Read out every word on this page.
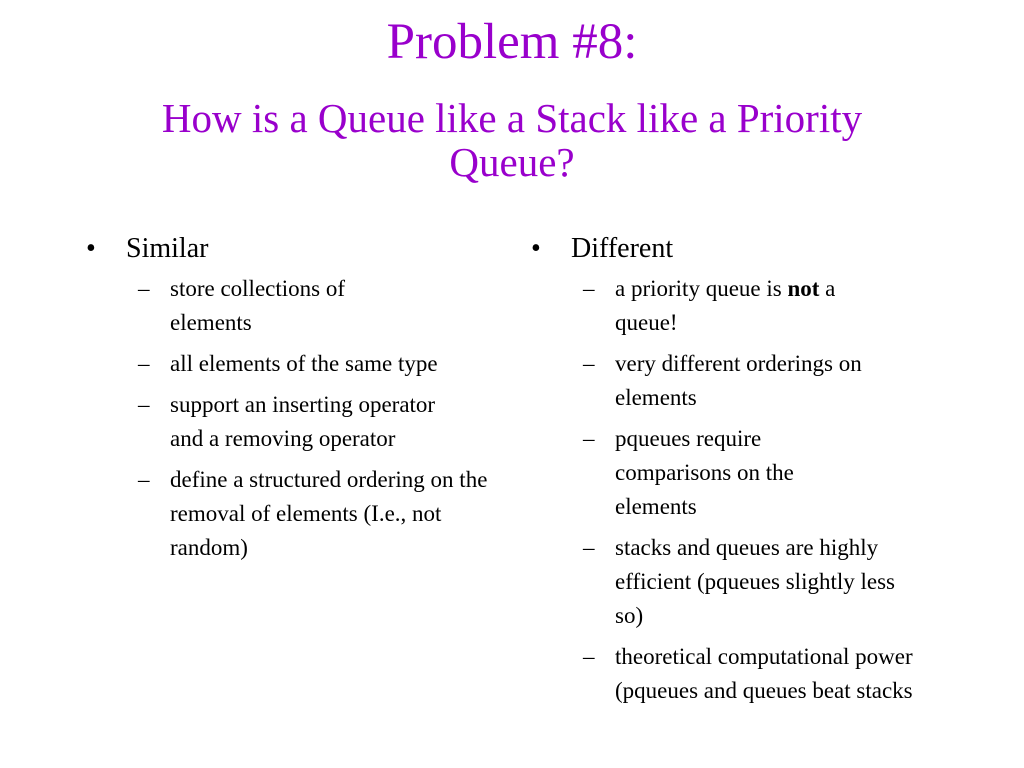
Problem #8:
How is a Queue like a Stack like a Priority Queue?
• Similar
– store collections of elements
– all elements of the same type
– support an inserting operator and a removing operator
– define a structured ordering on the removal of elements (I.e., not random)
• Different
– a priority queue is not a queue!
– very different orderings on elements
– pqueues require comparisons on the elements
– stacks and queues are highly efficient (pqueues slightly less so)
– theoretical computational power (pqueues and queues beat stacks
